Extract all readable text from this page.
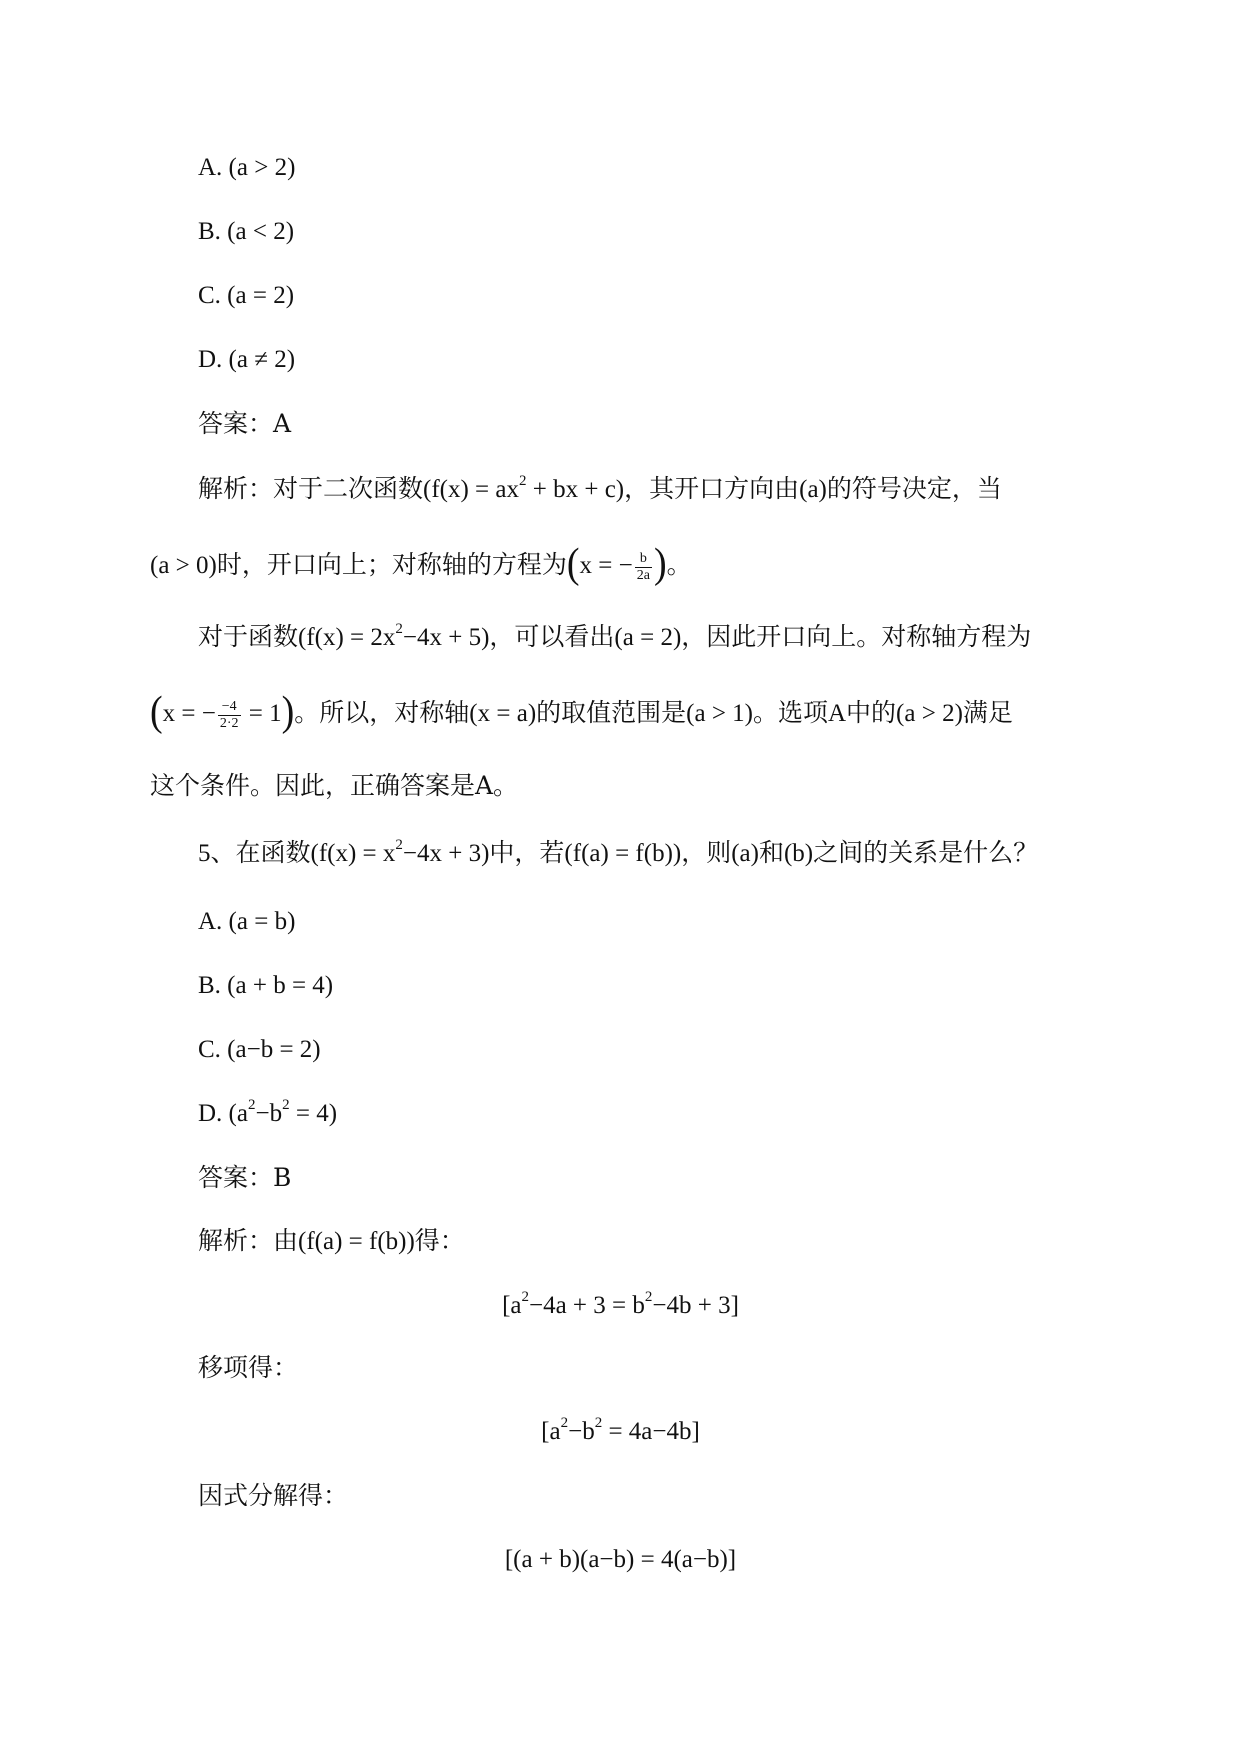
A. (a > 2)
B. (a < 2)
C. (a = 2)
D. (a ≠ 2)
答案：A
解析：对于二次函数($f(x) = ax^2$ + bx + c)，其开口方向由(a)的符号决定，当
(a > 0)时，开口向上；对称轴的方程为(x = − $\frac{b}{2a}$ )。
对于函数$(f(x) = 2x^2-4x + 5)$，可以看出(a = 2)，因此开口向上。对称轴方程为
(x = − $\frac{-4}{2\cdot 2} = 1$)。所以，对称轴(x = a)的取值范围是(a > 1)。选项A中的(a > 2)满足
这个条件。因此，正确答案是A。
5、在函数$(f(x) = x^2-4x + 3)$中，若(f(a) = f(b))，则(a)和(b)之间的关系是什么？
A. (a = b)
B. (a + b = 4)
C. (a−b = 2)
D. $(a^2-b^2 = 4)$
答案：B
解析：由(f(a) = f(b))得：
$[a^2-4a + 3 = b^2-4b + 3]$
移项得：
$[a^2-b^2 = 4a-4b]$
因式分解得：
[(a + b)(a−b) = 4(a−b)]
